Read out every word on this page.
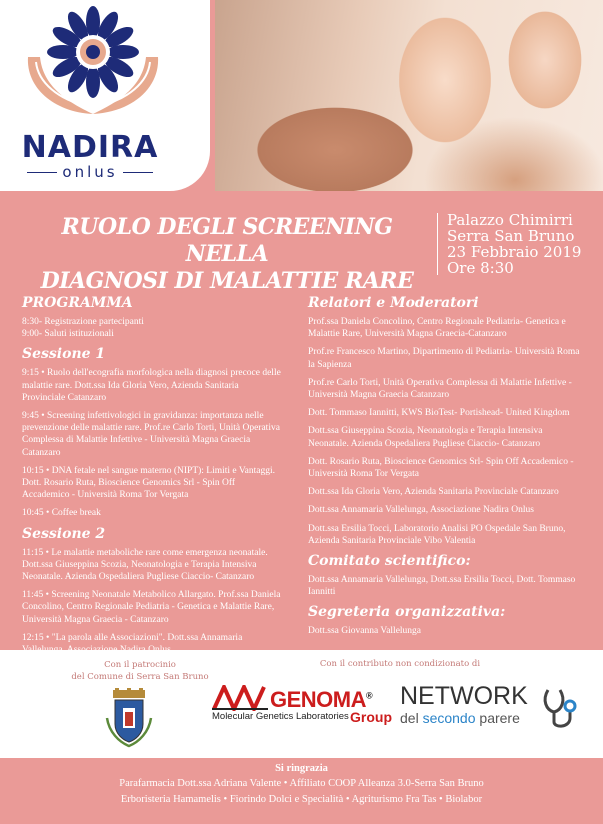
NADIRA
onlus
RUOLO DEGLI SCREENING NELLA
DIAGNOSI DI MALATTIE RARE
Palazzo Chimirri
Serra San Bruno
23 Febbraio 2019
Ore 8:30
PROGRAMMA
8:30- Registrazione partecipanti
9:00- Saluti istituzionali
Sessione 1
9:15 • Ruolo dell'ecografia morfologica nella diagnosi precoce delle malattie rare. Dott.ssa Ida Gloria Vero, Azienda Sanitaria Provinciale Catanzaro
9:45 • Screening infettivologici in gravidanza: importanza nelle prevenzione delle malattie rare. Prof.re Carlo Torti, Unità Operativa Complessa di Malattie Infettive - Università Magna Graecia Catanzaro
10:15 • DNA fetale nel sangue materno (NIPT): Limiti e Vantaggi. Dott. Rosario Ruta, Bioscience Genomics Srl - Spin Off Accademico - Università Roma Tor Vergata
10:45 • Coffee break
Sessione 2
11:15 • Le malattie metaboliche rare come emergenza neonatale. Dott.ssa Giuseppina Scozia, Neonatologia e Terapia Intensiva Neonatale. Azienda Ospedaliera Pugliese Ciaccio- Catanzaro
11:45 • Screening Neonatale Metabolico Allargato. Prof.ssa Daniela Concolino, Centro Regionale Pediatria - Genetica e Malattie Rare, Università Magna Graecia - Catanzaro
12:15 • "La parola alle Associazioni". Dott.ssa Annamaria
Relatori e Moderatori
Prof.ssa Daniela Concolino, Centro Regionale Pediatria- Genetica e Malattie Rare, Università Magna Graecia-Catanzaro
Prof.re Francesco Martino, Dipartimento di Pediatria- Università Roma la Sapienza
Prof.re Carlo Torti, Unità Operativa Complessa di Malattie Infettive - Università Magna Graecia Catanzaro
Dott. Tommaso Iannitti, KWS BioTest- Portishead- United Kingdom
Dott.ssa Giuseppina Scozia, Neonatologia e Terapia Intensiva Neonatale. Azienda Ospedaliera Pugliese Ciaccio- Catanzaro
Dott. Rosario Ruta, Bioscience Genomics Srl- Spin Off Accademico - Università Roma Tor Vergata
Dott.ssa Ida Gloria Vero, Azienda Sanitaria Provinciale Catanzaro
Dott.ssa Annamaria Vallelunga, Associazione Nadira Onlus
Dott.ssa Ersilia Tocci, Laboratorio Analisi PO Ospedale San Bruno, Azienda Sanitaria Provinciale Vibo Valentia
Comitato scientifico:
Dott.ssa Annamaria Vallelunga, Dott.ssa Ersilia Tocci, Dott. Tommaso Iannitti
Segreteria organizzativa:
Dott.ssa Giovanna Vallelunga
Con il patrocinio
del Comune di Serra San Bruno
Con il contributo non condizionato di
GENOMA®
Molecular Genetics Laboratories Group
NETWORK
del secondo parere
Si ringrazia
Parafarmacia Dott.ssa Adriana Valente • Affiliato COOP Alleanza 3.0-Serra San Bruno
Erboristeria Hamamelis • Fiorindo Dolci e Specialità • Agriturismo Fra Tas • Biolabor
